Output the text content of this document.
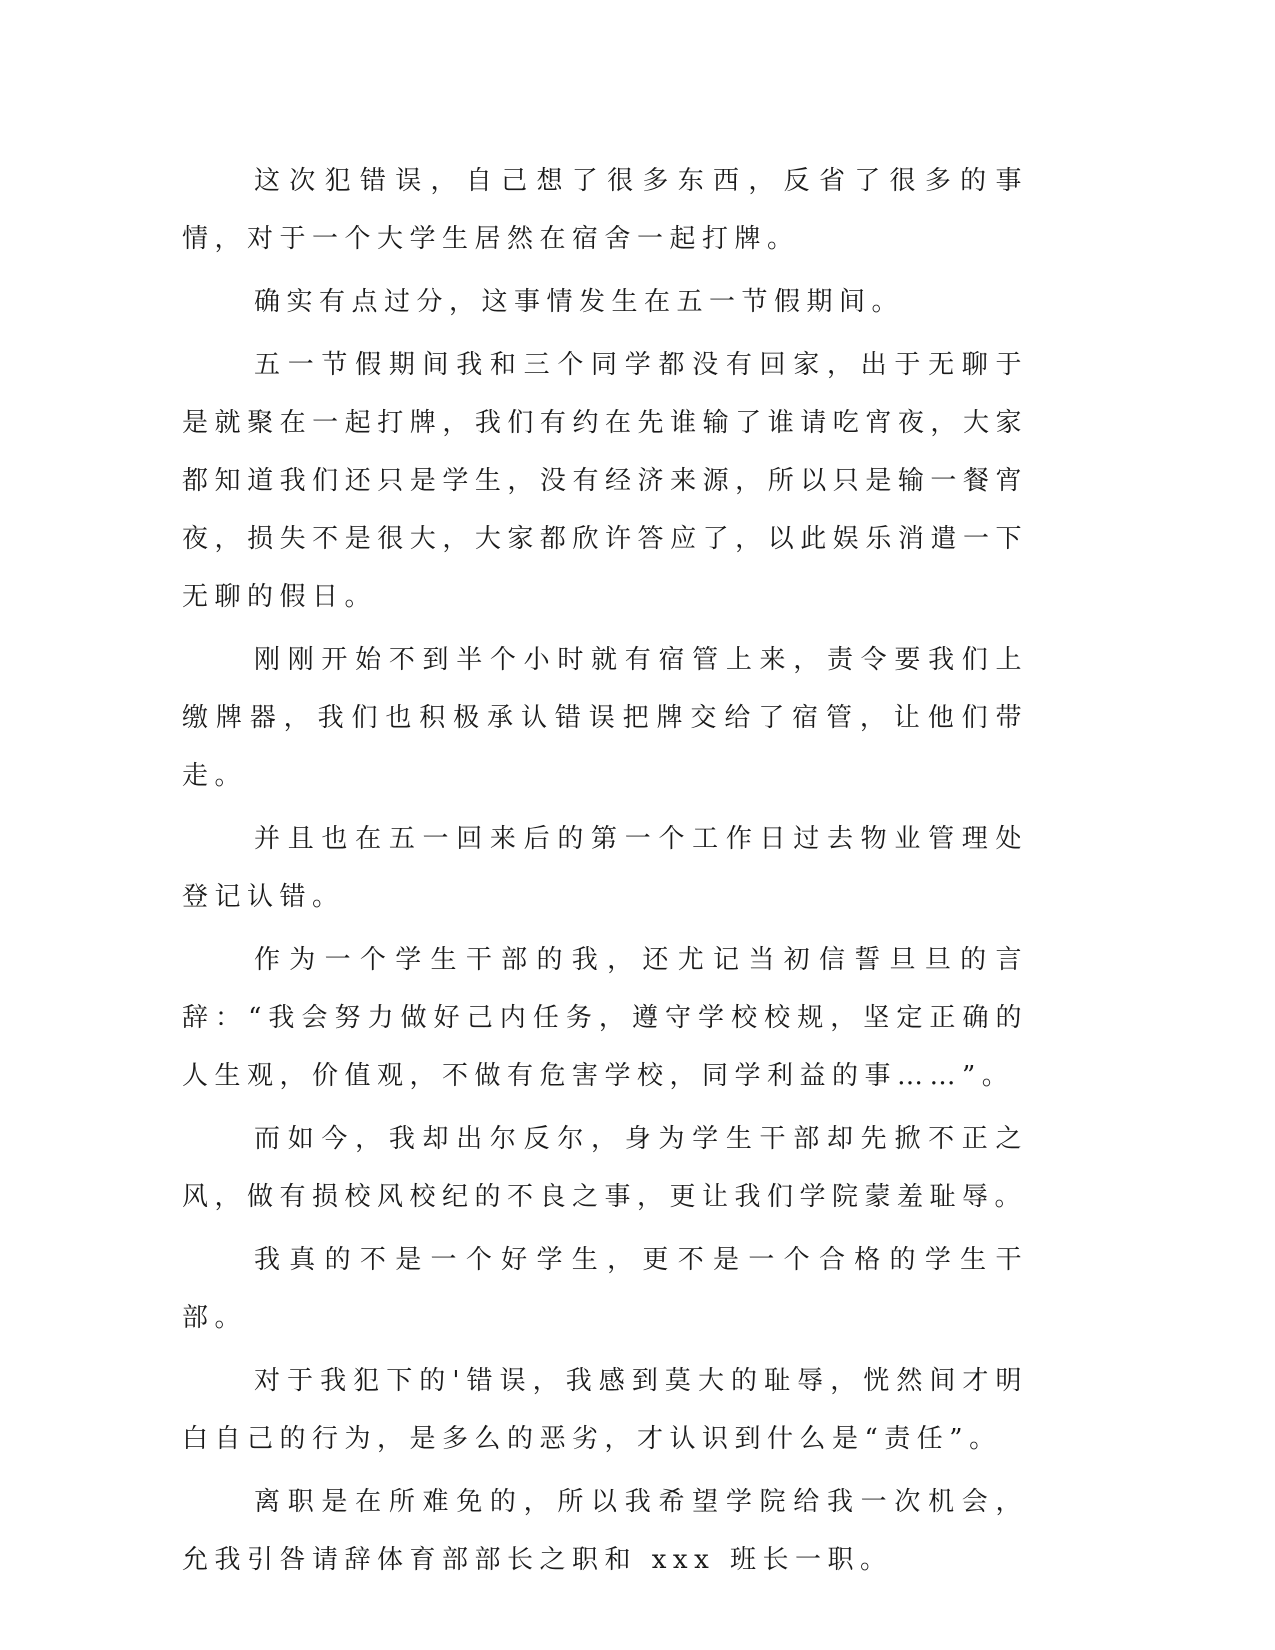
这次犯错误，自己想了很多东西，反省了很多的事情，对于一个大学生居然在宿舍一起打牌。

确实有点过分，这事情发生在五一节假期间。

五一节假期间我和三个同学都没有回家，出于无聊于是就聚在一起打牌，我们有约在先谁输了谁请吃宵夜，大家都知道我们还只是学生，没有经济来源，所以只是输一餐宵夜，损失不是很大，大家都欣许答应了，以此娱乐消遣一下无聊的假日。

刚刚开始不到半个小时就有宿管上来，责令要我们上缴牌器，我们也积极承认错误把牌交给了宿管，让他们带走。

并且也在五一回来后的第一个工作日过去物业管理处登记认错。

作为一个学生干部的我，还尤记当初信誓旦旦的言辞：“我会努力做好己内任务，遵守学校校规，坚定正确的人生观，价值观，不做有危害学校，同学利益的事……”。

而如今，我却出尔反尔，身为学生干部却先掀不正之风，做有损校风校纪的不良之事，更让我们学院蒙羞耻辱。

我真的不是一个好学生，更不是一个合格的学生干部。

对于我犯下的'错误，我感到莫大的耻辱，恍然间才明白自己的行为，是多么的恶劣，才认识到什么是“责任”。

离职是在所难免的，所以我希望学院给我一次机会，允我引咎请辞体育部部长之职和 xxx 班长一职。
